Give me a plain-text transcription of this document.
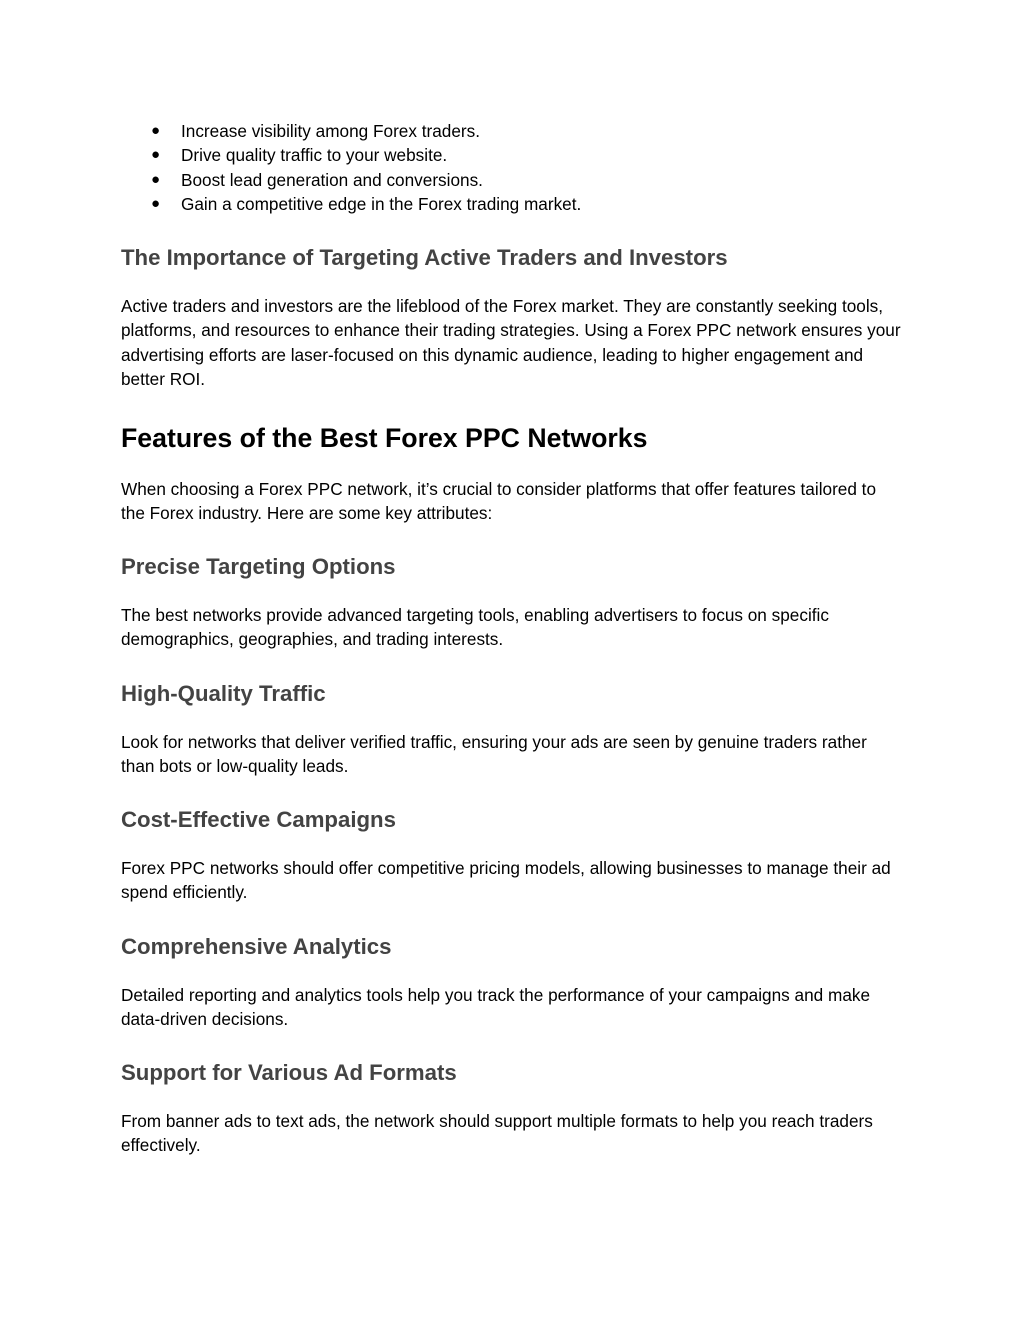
● Increase visibility among Forex traders.
● Drive quality traffic to your website.
● Boost lead generation and conversions.
● Gain a competitive edge in the Forex trading market.
The Importance of Targeting Active Traders and Investors

Active traders and investors are the lifeblood of the Forex market. They are constantly seeking tools, platforms, and resources to enhance their trading strategies. Using a Forex PPC network ensures your advertising efforts are laser-focused on this dynamic audience, leading to higher engagement and better ROI.

Features of the Best Forex PPC Networks

When choosing a Forex PPC network, it’s crucial to consider platforms that offer features tailored to the Forex industry. Here are some key attributes:

Precise Targeting Options

The best networks provide advanced targeting tools, enabling advertisers to focus on specific demographics, geographies, and trading interests.

High-Quality Traffic

Look for networks that deliver verified traffic, ensuring your ads are seen by genuine traders rather than bots or low-quality leads.

Cost-Effective Campaigns

Forex PPC networks should offer competitive pricing models, allowing businesses to manage their ad spend efficiently.

Comprehensive Analytics

Detailed reporting and analytics tools help you track the performance of your campaigns and make data-driven decisions.

Support for Various Ad Formats

From banner ads to text ads, the network should support multiple formats to help you reach traders effectively.
